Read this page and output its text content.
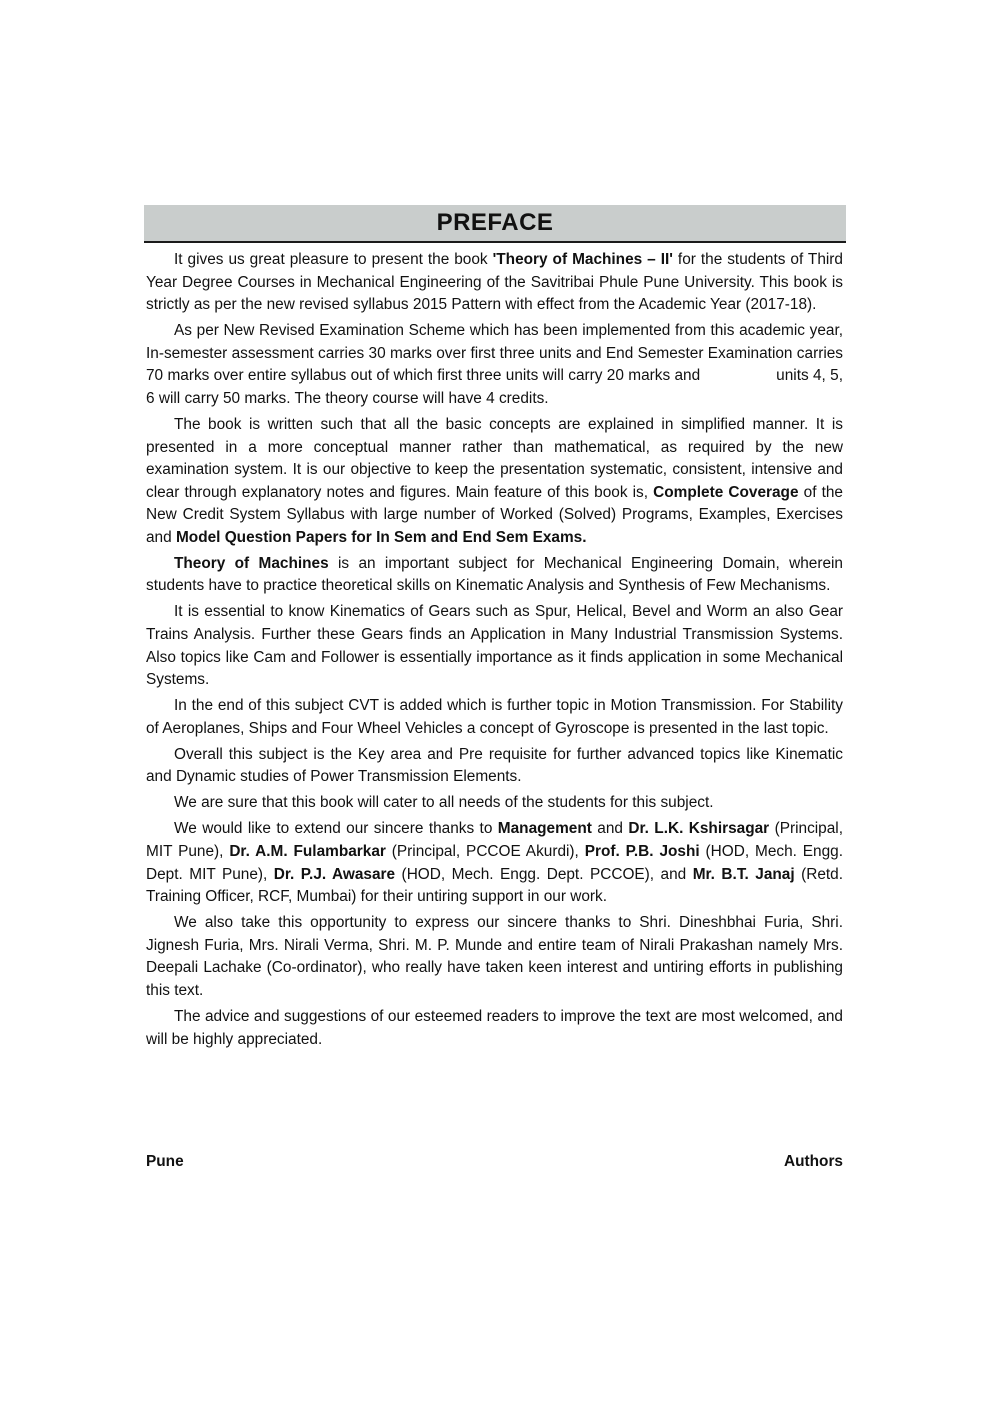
PREFACE

It gives us great pleasure to present the book 'Theory of Machines – II' for the students of Third Year Degree Courses in Mechanical Engineering of the Savitribai Phule Pune University. This book is strictly as per the new revised syllabus 2015 Pattern with effect from the Academic Year (2017-18).

As per New Revised Examination Scheme which has been implemented from this academic year, In-semester assessment carries 30 marks over first three units and End Semester Examination carries 70 marks over entire syllabus out of which first three units will carry 20 marks and	units 4, 5, 6 will carry 50 marks. The theory course will have 4 credits.

The book is written such that all the basic concepts are explained in simplified manner. It is presented in a more conceptual manner rather than mathematical, as required by the new examination system. It is our objective to keep the presentation systematic, consistent, intensive and clear through explanatory notes and figures. Main feature of this book is, Complete Coverage of the New Credit System Syllabus with large number of Worked (Solved) Programs, Examples, Exercises and Model Question Papers for In Sem and End Sem Exams.

Theory of Machines is an important subject for Mechanical Engineering Domain, wherein students have to practice theoretical skills on Kinematic Analysis and Synthesis of Few Mechanisms.

It is essential to know Kinematics of Gears such as Spur, Helical, Bevel and Worm an also Gear Trains Analysis. Further these Gears finds an Application in Many Industrial Transmission Systems. Also topics like Cam and Follower is essentially importance as it finds application in some Mechanical Systems.

In the end of this subject CVT is added which is further topic in Motion Transmission. For Stability of Aeroplanes, Ships and Four Wheel Vehicles a concept of Gyroscope is presented in the last topic.

Overall this subject is the Key area and Pre requisite for further advanced topics like Kinematic and Dynamic studies of Power Transmission Elements.

We are sure that this book will cater to all needs of the students for this subject.

We would like to extend our sincere thanks to Management and Dr. L.K. Kshirsagar (Principal, MIT Pune), Dr. A.M. Fulambarkar (Principal, PCCOE Akurdi), Prof. P.B. Joshi (HOD, Mech. Engg. Dept. MIT Pune), Dr. P.J. Awasare (HOD, Mech. Engg. Dept. PCCOE), and Mr. B.T. Janaj (Retd. Training Officer, RCF, Mumbai) for their untiring support in our work.

We also take this opportunity to express our sincere thanks to Shri. Dineshbhai Furia, Shri. Jignesh Furia, Mrs. Nirali Verma, Shri. M. P. Munde and entire team of Nirali Prakashan namely Mrs. Deepali Lachake (Co-ordinator), who really have taken keen interest and untiring efforts in publishing this text.

The advice and suggestions of our esteemed readers to improve the text are most welcomed, and will be highly appreciated.

Pune	Authors
